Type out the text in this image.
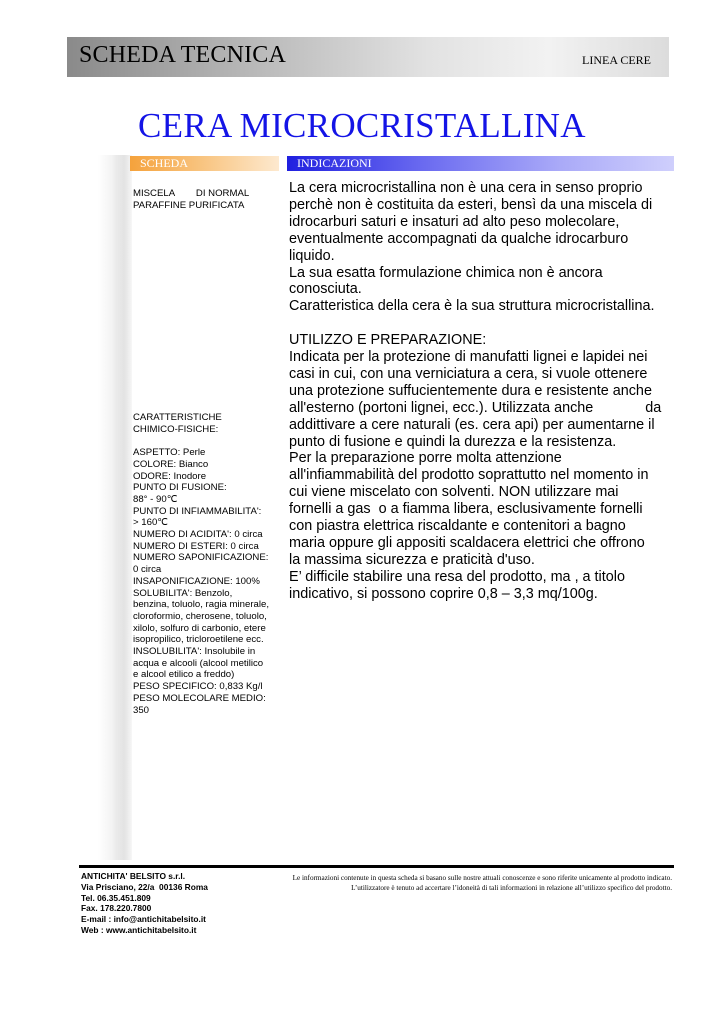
SCHEDA TECNICA	LINEA CERE
CERA MICROCRISTALLINA
SCHEDA	INDICAZIONI
MISCELA        DI NORMAL
PARAFFINE PURIFICATA
CARATTERISTICHE
CHIMICO-FISICHE:
ASPETTO: Perle
COLORE: Bianco
ODORE: Inodore
PUNTO DI FUSIONE:
88° - 90℃
PUNTO DI INFIAMMABILITA':
> 160℃
NUMERO DI ACIDITA': 0 circa
NUMERO DI ESTERI: 0 circa
NUMERO SAPONIFICAZIONE:
0 circa
INSAPONIFICAZIONE: 100%
SOLUBILITA': Benzolo,
benzina, toluolo, ragia minerale,
cloroformio, cherosene, toluolo,
xilolo, solfuro di carbonio, etere
isopropilico, tricloroetilene ecc.
INSOLUBILITA': Insolubile in
acqua e alcooli (alcool metilico
e alcool etilico a freddo)
PESO SPECIFICO: 0,833 Kg/l
PESO MOLECOLARE MEDIO:
350
La cera microcristallina non è una cera in senso proprio
perchè non è costituita da esteri, bensì da una miscela di
idrocarburi saturi e insaturi ad alto peso molecolare,
eventualmente accompagnati da qualche idrocarburo
liquido.
La sua esatta formulazione chimica non è ancora
conosciuta.
Caratteristica della cera è la sua struttura microcristallina.
UTILIZZO E PREPARAZIONE:
Indicata per la protezione di manufatti lignei e lapidei nei
casi in cui, con una verniciatura a cera, si vuole ottenere
una protezione suffucientemente dura e resistente anche
all'esterno (portoni lignei, ecc.). Utilizzata anche             da
addittivare a cere naturali (es. cera api) per aumentarne il
punto di fusione e quindi la durezza e la resistenza.
Per la preparazione porre molta attenzione
all'infiammabilità del prodotto soprattutto nel momento in
cui viene miscelato con solventi. NON utilizzare mai
fornelli a gas  o a fiamma libera, esclusivamente fornelli
con piastra elettrica riscaldante e contenitori a bagno
maria oppure gli appositi scaldacera elettrici che offrono
la massima sicurezza e praticità d'uso.
E’ difficile stabilire una resa del prodotto, ma , a titolo
indicativo, si possono coprire 0,8 – 3,3 mq/100g.
ANTICHITA' BELSITO s.r.l.
Via Prisciano, 22/a  00136 Roma
Tel. 06.35.451.809
Fax. 178.220.7800
E-mail : info@antichitabelsito.it
Web : www.antichitabelsito.it
Le informazioni contenute in questa scheda si basano sulle nostre attuali conoscenze e sono riferite unicamente al prodotto indicato.
L’utilizzatore è tenuto ad accertare l’idoneità di tali informazioni in relazione all’utilizzo specifico del prodotto.
